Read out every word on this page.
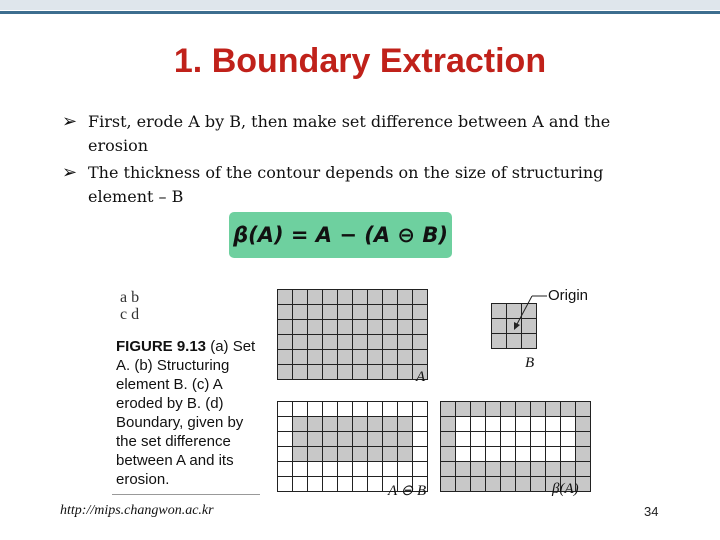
1. Boundary Extraction
➢ First, erode A by B, then make set difference between A and the erosion
➢ The thickness of the contour depends on the size of structuring element – B
β(A) = A − (A ⊖ B)
a b
c d
FIGURE 9.13 (a) Set A. (b) Structuring element B. (c) A eroded by B. (d) Boundary, given by the set difference between A and its erosion.
A
B
Origin
A ⊖ B	β(A)
http://mips.changwon.ac.kr	34
